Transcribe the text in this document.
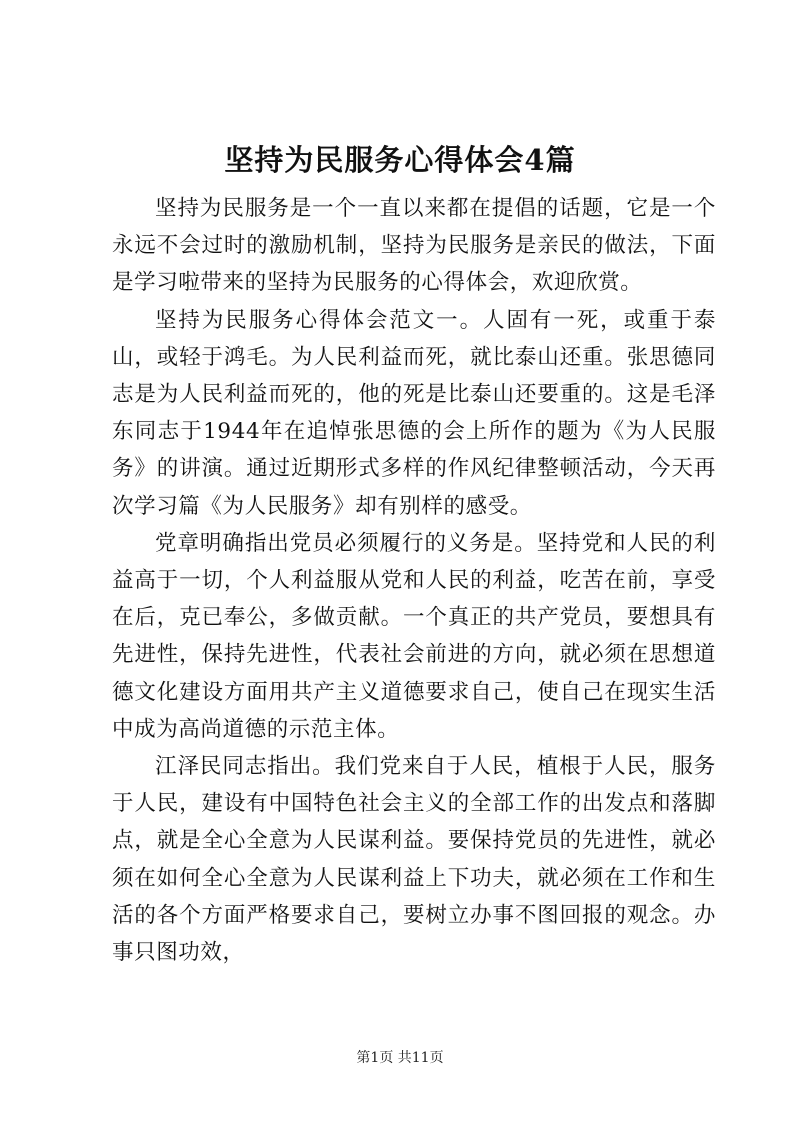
坚持为民服务心得体会4篇

坚持为民服务是一个一直以来都在提倡的话题，它是一个永远不会过时的激励机制，坚持为民服务是亲民的做法，下面是学习啦带来的坚持为民服务的心得体会，欢迎欣赏。

坚持为民服务心得体会范文一。人固有一死，或重于泰山，或轻于鸿毛。为人民利益而死，就比泰山还重。张思德同志是为人民利益而死的，他的死是比泰山还要重的。这是毛泽东同志于1944年在追悼张思德的会上所作的题为《为人民服务》的讲演。通过近期形式多样的作风纪律整顿活动，今天再次学习篇《为人民服务》却有别样的感受。

党章明确指出党员必须履行的义务是。坚持党和人民的利益高于一切，个人利益服从党和人民的利益，吃苦在前，享受在后，克已奉公，多做贡献。一个真正的共产党员，要想具有先进性，保持先进性，代表社会前进的方向，就必须在思想道德文化建设方面用共产主义道德要求自己，使自己在现实生活中成为高尚道德的示范主体。

江泽民同志指出。我们党来自于人民，植根于人民，服务于人民，建设有中国特色社会主义的全部工作的出发点和落脚点，就是全心全意为人民谋利益。要保持党员的先进性，就必须在如何全心全意为人民谋利益上下功夫，就必须在工作和生活的各个方面严格要求自己，要树立办事不图回报的观念。办事只图功效，

第1页 共11页
